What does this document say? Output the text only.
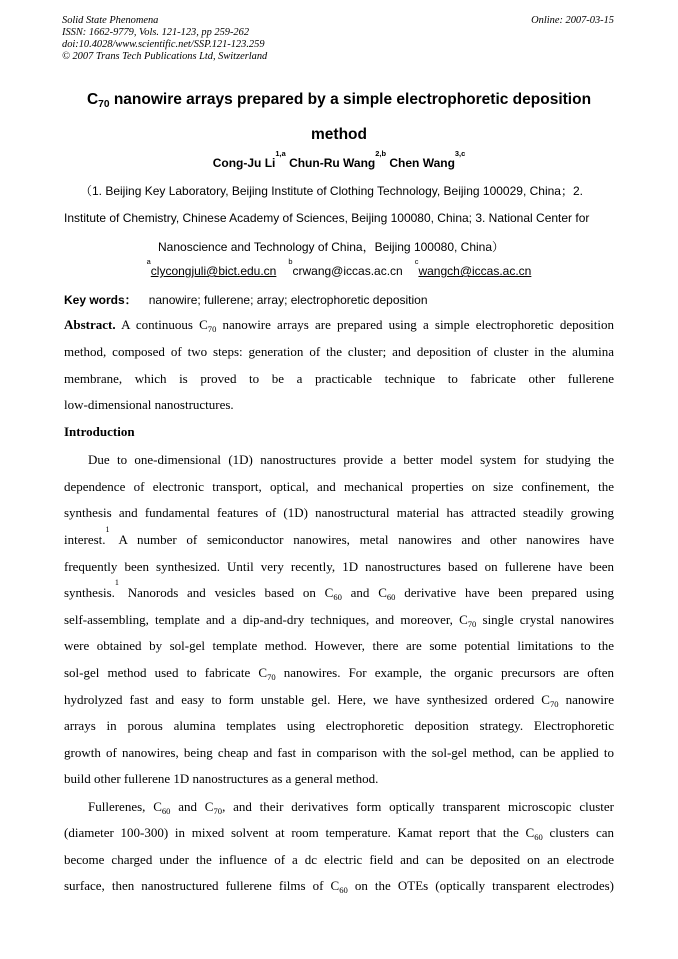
Solid State Phenomena
ISSN: 1662-9779, Vols. 121-123, pp 259-262
doi:10.4028/www.scientific.net/SSP.121-123.259
© 2007 Trans Tech Publications Ltd, Switzerland
Online: 2007-03-15
$C_{70}$ nanowire arrays prepared by a simple electrophoretic deposition
method
Cong-Ju Li$^{1,a}$ Chun-Ru Wang$^{2,b}$ Chen Wang$^{3,c}$
（1. Beijing Key Laboratory, Beijing Institute of Clothing Technology, Beijing 100029, China；2.
Institute of Chemistry, Chinese Academy of Sciences, Beijing 100080, China; 3. National Center for
Nanoscience and Technology of China，Beijing 100080, China）
$^aclycongjuli@bict.edu.cn^bcrwang@iccas.ac.cn^cwangch@iccas.ac.cn$
Key words： nanowire; fullerene; array; electrophoretic deposition
Abstract. A continuous $C_{70}$ nanowire arrays are prepared using a simple electrophoretic deposition
method, composed of two steps: generation of the cluster; and deposition of cluster in the alumina
membrane, which is proved to be a practicable technique to fabricate other fullerene
low-dimensional nanostructures.
Introduction
Due to one-dimensional (1D) nanostructures provide a better model system for studying the
dependence of electronic transport, optical, and mechanical properties on size confinement, the
synthesis and fundamental features of (1D) nanostructural material has attracted steadily growing
interest.$^1$ A number of semiconductor nanowires, metal nanowires and other nanowires have
frequently been synthesized. Until very recently, 1D nanostructures based on fullerene have been
synthesis.$^1$ Nanorods and vesicles based on $C_{60}$ and $C_{60}$ derivative have been prepared using
self-assembling, template and a dip-and-dry techniques, and moreover, $C_{70}$ single crystal nanowires
were obtained by sol-gel template method. However, there are some potential limitations to the
sol-gel method used to fabricate $C_{70}$ nanowires. For example, the organic precursors are often
hydrolyzed fast and easy to form unstable gel. Here, we have synthesized ordered $C_{70}$ nanowire
arrays in porous alumina templates using electrophoretic deposition strategy. Electrophoretic
growth of nanowires, being cheap and fast in comparison with the sol-gel method, can be applied to
build other fullerene 1D nanostructures as a general method.
Fullerenes, $C_{60}$ and $C_{70}$, and their derivatives form optically transparent microscopic cluster
(diameter 100-300) in mixed solvent at room temperature. Kamat report that the $C_{60}$ clusters can
become charged under the influence of a dc electric field and can be deposited on an electrode
surface, then nanostructured fullerene films of $C_{60}$ on the OTEs (optically transparent electrodes)
